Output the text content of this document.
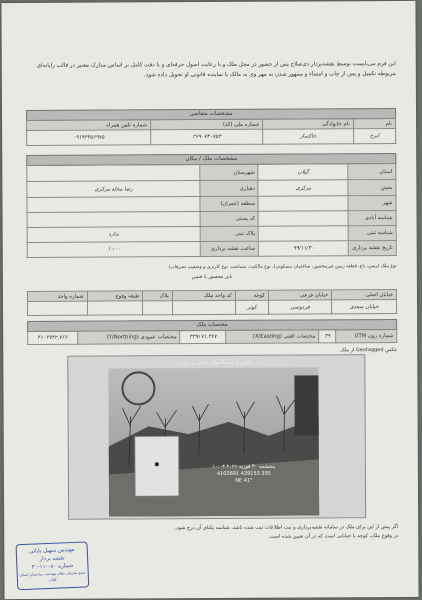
این فرم می‌بایست توسط نقشه‌بردار ذی‌صلاح پس از حضور در محل ملک و با رعایت اصول حرفه‌ای و با دقت کامل بر اساس مدارک معتبر در قالب رایانه‌ای مربوطه تکمیل و پس از چاپ و امضاء و ممهور شدن به مهر وی به مالک یا نماینده قانونی او تحویل داده شود.
مشخصات متقاضی
نام	نام خانوادگی	شماره ملی (کد)	شماره تلفن همراه
ایرج	خاکسار	۲۶۹۰۷۴۰۷۵۳	۰۹۱۹۴۴۵۶۹۷۵
مشخصات ملک / مکان
استان	گیلان	شهرستان	
بخش	مرکزی	دهیاری	رضا محله مرکزی
شهر		منطقه (عمران)	
شناسه آبادی		کد پستی	
شناسه ثبتی		پلاک ثبتی	ندارد
تاریخ نقشه برداری	۹۹/۱۱/۳۰	ساعت نقشه برداری	۱۰:۰۰
نوع ملک (زمین، باغ، قطعه زمین غیرمحصور، ساختمان مسکونی)، نوع مالکیت، مساحت، نوع کاربری و وضعیت تصرفات)
بایر محصور با فنس
خیابان اصلی	خیابان فرعی	کوچه	کد واحد ملک	پلاک	طبقه وقوع	شماره واحد
خیابان سعدی	فردوسی	کوثر				
مختصات ملک
شماره زون UTM	۳۹	مختصات افقی (X/Easting)	۳۳۹۱۷۱.۳۷۷	مختصات عمودی (Y/Northing)	۴۱۰۳۷۲۲.۷۶۶
عکس Geotagged از ملک
عکس از ایستگاه‌های کمکی و تراورس
پنجشنبه ۳۰ فوریه ۲۰۲۱ ۱۰:۰۴
395 439153 4103691
41° NE
اگر پیش از این برای ملک در سامانه نقشه‌برداری و ثبت اطلاعات ثبت شده باشد، شناسه یکتای آن درج شود.
در وقوع ملک، کوچه یا خیابانی است که در آن تعیین شده است.
مهندس سهیل بابائی
نقشه بردار
شماره ۰۸۰-۱۱-۳۰
عضو سازمان نظام مهندسی ساختمان استان گیلان
